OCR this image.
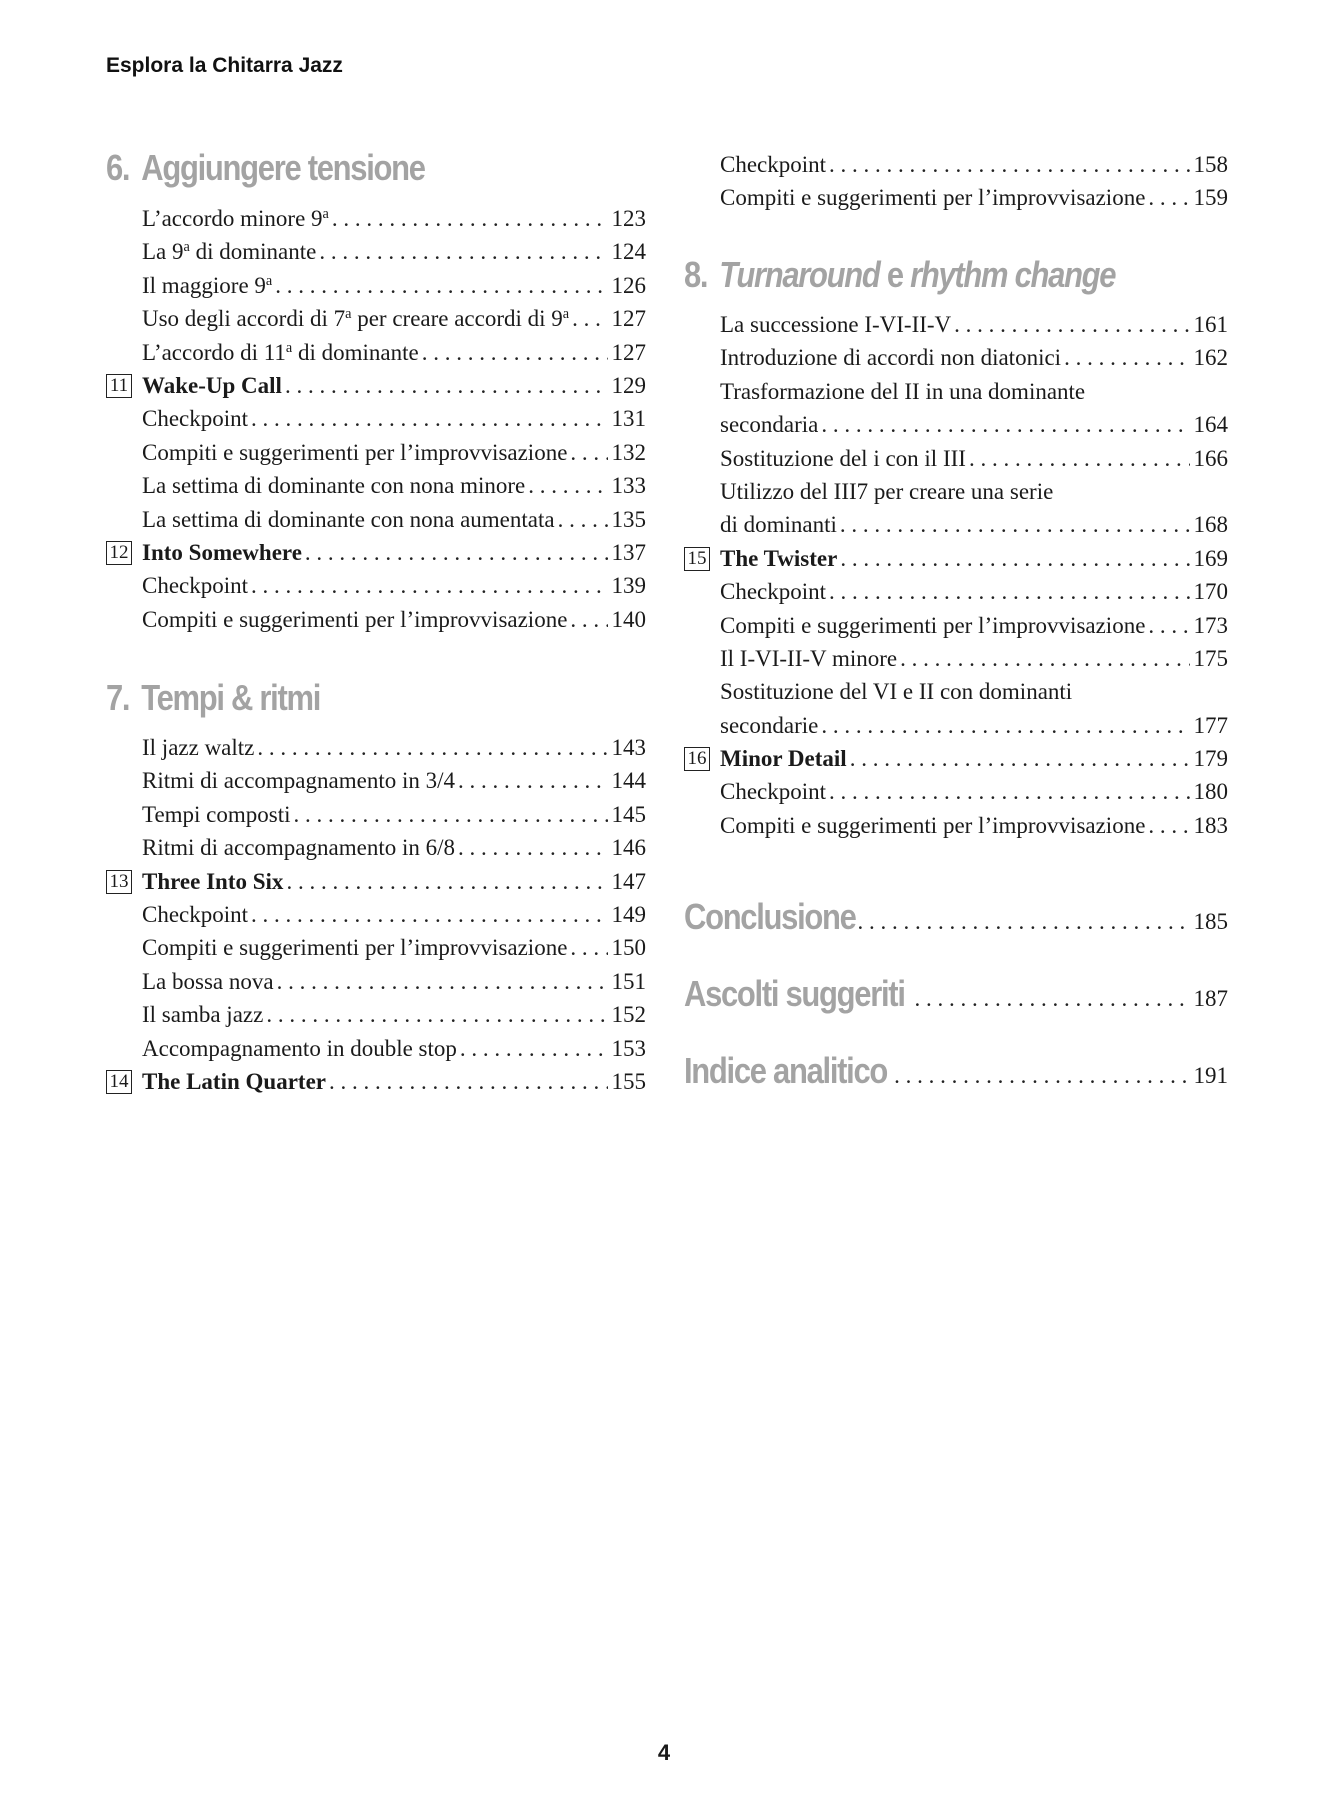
Esplora la Chitarra Jazz
6. Aggiungere tensione
L’accordo minore 9$^a$ . . .	123
La 9$^a$ di dominante . . .	124
Il maggiore 9$^a$ . . .	126
Uso degli accordi di 7$^a$ per creare accordi di 9$^a$ . . . 127
L’accordo di 11$^a$ di dominante . . .	127
11 Wake-Up Call . . .	129
Checkpoint . . .	131
Compiti e suggerimenti per l’improvvisazione . . . 132
La settima di dominante con nona minore . . .	133
La settima di dominante con nona aumentata . . . 135
12 Into Somewhere . . .	137
Checkpoint . . .	139
Compiti e suggerimenti per l’improvvisazione . . . 140
7. Tempi & ritmi
Il jazz waltz . . .	143
Ritmi di accompagnamento in 3/4 . . .	144
Tempi composti . . .	145
Ritmi di accompagnamento in 6/8 . . .	146
13 Three Into Six . . .	147
Checkpoint . . .	149
Compiti e suggerimenti per l’improvvisazione . . . 150
La bossa nova . . .	151
Il samba jazz . . .	152
Accompagnamento in double stop . . .	153
14 The Latin Quarter . . .	155
Checkpoint . . .	158
Compiti e suggerimenti per l’improvvisazione . . . 159
8. Turnaround e rhythm change
La successione I-VI-II-V . . .	161
Introduzione di accordi non diatonici . . .	162
Trasformazione del II in una dominante
secondaria . . .	164
Sostituzione del i con il III . . .	166
Utilizzo del III7 per creare una serie
di dominanti . . .	168
15 The Twister . . .	169
Checkpoint . . .	170
Compiti e suggerimenti per l’improvvisazione . . . 173
Il I-VI-II-V minore . . .	175
Sostituzione del VI e II con dominanti
secondarie . . .	177
16 Minor Detail . . .	179
Checkpoint . . .	180
Compiti e suggerimenti per l’improvvisazione . . . 183
Conclusione . . .	185
Ascolti suggeriti . . .	187
Indice analitico . . .	191
4
